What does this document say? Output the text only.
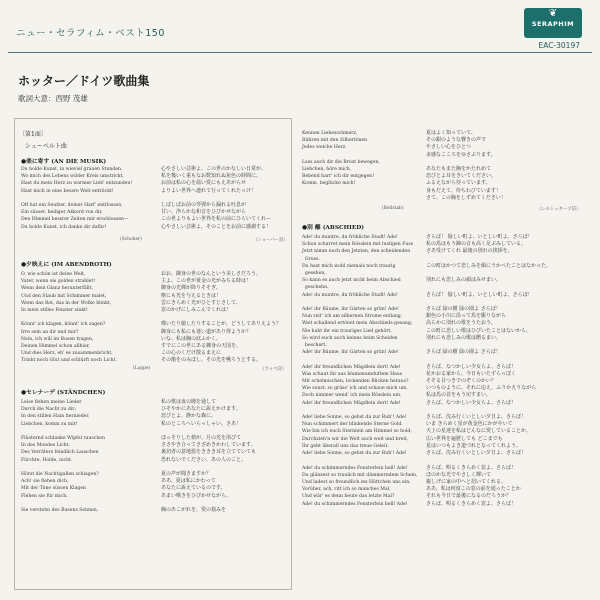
ニュー・セラフィム・ベスト150
❦
SERAPHIM
EAC-30197
ホッター／ドイツ歌曲集
歌詞大意：西野 茂雄
〔第1面〕
シューベルト曲
●楽に寄す (AN DIE MUSIK)
Du holde Kunst, in wieviel grauen Stunden,
Wo mich des Lebens wilder Kreis umstrickt,
Hast du mein Herz zu warmer Lieb' entzunden!
Hast mich in eine bessre Welt entrückt!

Oft hat ein Seufzer, deiner Harf' entflossen,
Ein süsser, heiliger Akkord von dir,
Den Himmel bessrer Zeiten mir erschlossen—
Du holde Kunst, ich danke dir dafür!
心やさしい芸術よ、この世のかなしい日常が、
私を幾いく重もなお数知れぬ灰色の時間に、
お前は私の心を温い愛にもえあがらせ
よりよい世界へ連れて行ってくれたっけ！

しばしばお前の琴弾から漏れる吐息が
甘い、浄らかな和音をひびかせながら
この世よりもよい世界を私の前にひらいてくれ—
心やさしい芸術よ、そのことをお前に感謝する！
(Schober)	（ショーバー詩）
●夕映えに (IM ABENDROTH)
O, wie schön ist deine Welt,
Vater, wenn sie golden strahlet!
Wenn dein Glanz herunterfällt,
Und den Staub mit Schimmer malet,
Wenn das Rot, das in der Wolke blinkt,
In mein stilles Fenster sinkt!

Könnt' ich klagen, könnt' ich zagen?
Irre sein an dir und mir?
Nein, ich will im Busen tragen,
Deinen Himmel schon allhier,
Und dies Herz, eh' es zusammenbricht,
Trinkt noch Glut und schlürft noch Licht.
おお、御身の世のなんという美しさだろう、
主よ、この世が黄金の光がみちる時は！
御身の光輝が降りそそぎ、
塵にも光を与えるときは！
雲にきらめく光がひとすじさして、
窓のかげにしみこんでくれは！

嘆いたり臆したりすることが、どうしてありえよう？
御身にも私にも迷い道があり得ようか？
いな、私は胸の底ふかく、
すでにこの世にある御身の天国を、
この心のくだけ散るまえに
その焔をのみほし、その光を嚥ろうとする。
(Lappe)	（ラッペ詩）
●セレナーデ (STÄNDCHEN)
Leise flehen meine Lieder
Durch die Nacht zu dir;
In den stillen Hain hernieder,
Liebchen, komm zu mir!

Flüsternd schlanke Wipfel rauschen
In des Mondes Licht.
Des Verräters feindlich Lauschen
Fürchte, Holde, nicht.

Hörst die Nachtigallen schlagen?
Ach! sie flehen dich,
Mit der Töne süssen Klagen
Flehen sie für mich.

Sie verstehn des Busens Sehnen,
私の歌は夜の闇を通して
ひそやかにあなたに訴えかけます。
恋びとよ、静かな森に、
私のところへいらっしゃい、さあ！

ほっそりした梢が、月の光を浴びて
ささやき合ってさざめきかわしています。
裏切者の意地悪をききき耳を立てていても
恐れないでください、あの人のこと。

夏の声が聞きますか？
ああ、夏は私にかわって
あなたに訴えているのです、
あまい嘆きをひびかせながら。

胸のあこがれを、愛の悩みを
Kennen Liebesschmerz,
Rühren mit den Silbertönen
Jedes weiche Herz.

Lass auch dir die Brust bewegen,
Liebchen, höre mich,
Bebend harr' ich dir entgegen!
Komm, beglücke mich!
夏はよく知っていて、
その銀のような響きの声で
やさしい心をひとつ
多感なこころをゆさぶります。

あなたもまた胸をかたれめて
恋びとよ耳をきいてください、
ふるえながら待っています、
身もだえて、待ちわびています！
さて、この胸をしずめてください！
(Rellstab)	（レルシュタープ詩）
●別 離 (ABSCHIED)
Ade! du muntre, du fröhliche Stadt! Ade!
Schon scharret mein Rösslein mit lustigen Fuss
Jetzt nimm noch den Jetzten, den scheidenden
Gruss.
Du hast mich wohl niemals noch traurig
gesehen,
So kann es auch jetzt nicht beim Abschied
geschehn.
Ade! du muntre, du fröhliche Stadt! Ade!

Ade! ihr Bäume, ihr Gärten so grün! Ade!
Nun reit' ich am silbernen Strome entlang,
Weit schallend ertönet mein Abschieds-gesang;
Nie habt ihr ein trauriges Lied gehört,
So wird euch auch keines beim Scheiden
beschert.
Ade! ihr Bäume, ihr Gärten so grün! Ade!

Ade! ihr freundlichen Mägdlein dort! Ade!
Was schaut ihr aus blumenumduftem Haus
Mit schelmischen, lockenden Blicken heraus?
Wie sonst, so grüss' ich und schaue mich um,
Doch nimmer wend' ich mein Rösslein um.
Ade! ihr freundlichen Mägdlein dort! Ade!

Ade! liebe Sonne, so gehst du zur Ruh'! Ade!
Nun schimmert der blinkende Sterne Gold.
Wie bin ich euch Sternlein am Himmel so hold;
Durchzieh'n wir die Welt auch weit und breit,
Ihr gebt überall uns das treue Geleit.
Ade! liebe Sonne, so gehst du zur Ruh'! Ade!

Ade! du schimmerndes Fensterlein hell! Ade!
Du glänzest so traulich mit dämmerndem Schein,
Und ladest so freundlich ins Hüttchen uns ein.
Vorüber, ach, ritt ich so manches Mal,
Und wär' es denn heute das letzte Mal?
Ade! du schimmerndes Fensterlein hell! Ade!
さらば！ 愉しい町よ、いとしい町よ、さらば！
私の馬はもう蹄の音も高く足ぶみしている。
さあ受けてくれ 最後の別れの挨拶を。

この町はかつて悲しみを顔にうかべたことはなかった。

別れにも悲しみの顔はみせまい。

さらば！ 愉しい町よ、いとしい町よ、さらば！

さらば 緑の樹 緑の園よ さらば！
銀色の小川に沿って馬を駆りながら
高らかに別れの歌をうたおう。
この町に悲しい歌はひびいたことはないから、
別れにも悲しみの歌は贈るまい。

さらば 緑の樹 緑の園よ さらば！

さらば、なつかしい少女らよ、さらば！
花かおる家から、今日もいたずらっぽく
そそる目つきでのぞくのかい？
いつものように、それに応え、ふりかえりながら
私は馬の首をもう戻すまい。
さらば、なつかしい少女らよ、さらば！

さらば、沈み行くいとしい夕日よ、さらば！
いま きらめく星が黄金色にかがやいて
天上の星達を私はどんなに愛していることか、
広い世界を遍歴しても どこまでも
星はいつもよき道づれとなってくれよう。
さらば、沈み行くいとしい夕日よ、さらば！

さらば、明るくきらめく窓よ、さらば！
ほのかな光でやさしく輝いて
親しげに家の中へと招いてくれる。
ああ、私は何度この窓の前を通ったことか
それも今日で最後になるのだろうか？
さらば、明るくきらめく窓よ、さらば！
